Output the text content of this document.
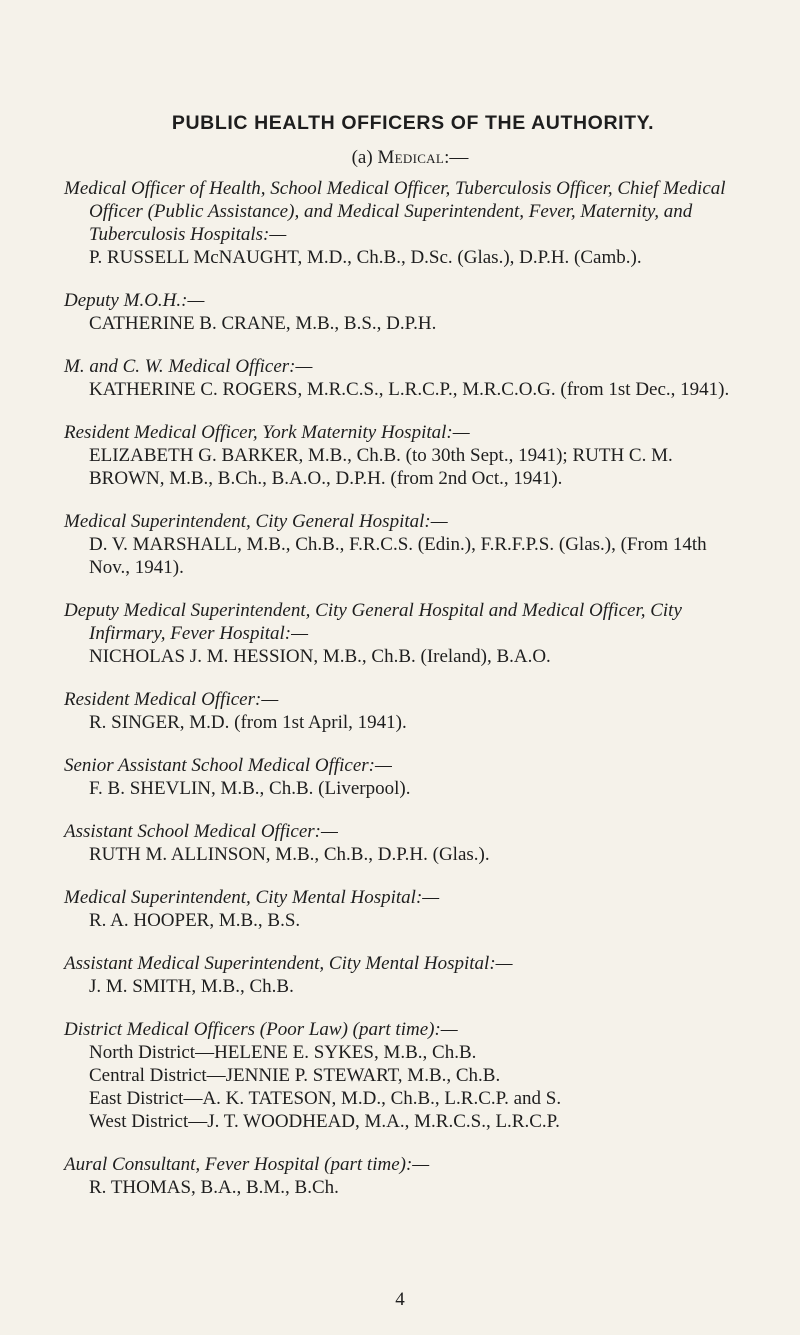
PUBLIC HEALTH OFFICERS OF THE AUTHORITY.
(a) Medical:—
Medical Officer of Health, School Medical Officer, Tuberculosis Officer, Chief Medical Officer (Public Assistance), and Medical Superintendent, Fever, Maternity, and Tuberculosis Hospitals:—
P. RUSSELL McNAUGHT, M.D., Ch.B., D.Sc. (Glas.), D.P.H. (Camb.).
Deputy M.O.H.:—
CATHERINE B. CRANE, M.B., B.S., D.P.H.
M. and C. W. Medical Officer:—
KATHERINE C. ROGERS, M.R.C.S., L.R.C.P., M.R.C.O.G. (from 1st Dec., 1941).
Resident Medical Officer, York Maternity Hospital:—
ELIZABETH G. BARKER, M.B., Ch.B. (to 30th Sept., 1941); RUTH C. M. BROWN, M.B., B.Ch., B.A.O., D.P.H. (from 2nd Oct., 1941).
Medical Superintendent, City General Hospital:—
D. V. MARSHALL, M.B., Ch.B., F.R.C.S. (Edin.), F.R.F.P.S. (Glas.), (From 14th Nov., 1941).
Deputy Medical Superintendent, City General Hospital and Medical Officer, City Infirmary, Fever Hospital:—
NICHOLAS J. M. HESSION, M.B., Ch.B. (Ireland), B.A.O.
Resident Medical Officer:—
R. SINGER, M.D. (from 1st April, 1941).
Senior Assistant School Medical Officer:—
F. B. SHEVLIN, M.B., Ch.B. (Liverpool).
Assistant School Medical Officer:—
RUTH M. ALLINSON, M.B., Ch.B., D.P.H. (Glas.).
Medical Superintendent, City Mental Hospital:—
R. A. HOOPER, M.B., B.S.
Assistant Medical Superintendent, City Mental Hospital:—
J. M. SMITH, M.B., Ch.B.
District Medical Officers (Poor Law) (part time):—
North District—HELENE E. SYKES, M.B., Ch.B.
Central District—JENNIE P. STEWART, M.B., Ch.B.
East District—A. K. TATESON, M.D., Ch.B., L.R.C.P. and S.
West District—J. T. WOODHEAD, M.A., M.R.C.S., L.R.C.P.
Aural Consultant, Fever Hospital (part time):—
R. THOMAS, B.A., B.M., B.Ch.
4
